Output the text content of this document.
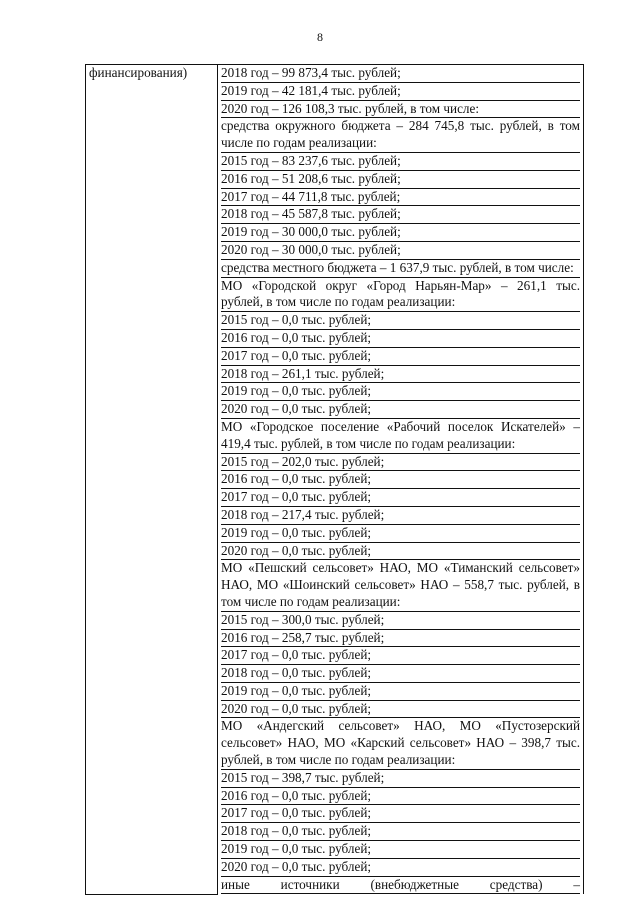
8
финансирования)	2018 год – 99 873,4 тыс. рублей;
2019 год – 42 181,4 тыс. рублей;
2020 год – 126 108,3 тыс. рублей, в том числе:
средства окружного бюджета – 284 745,8 тыс. рублей, в том числе по годам реализации:
2015 год – 83 237,6 тыс. рублей;
2016 год – 51 208,6 тыс. рублей;
2017 год – 44 711,8 тыс. рублей;
2018 год – 45 587,8 тыс. рублей;
2019 год – 30 000,0 тыс. рублей;
2020 год – 30 000,0 тыс. рублей;
средства местного бюджета – 1 637,9 тыс. рублей, в том числе:
МО «Городской округ «Город Нарьян-Мар» – 261,1 тыс. рублей, в том числе по годам реализации:
2015 год – 0,0 тыс. рублей;
2016 год – 0,0 тыс. рублей;
2017 год – 0,0 тыс. рублей;
2018 год – 261,1 тыс. рублей;
2019 год – 0,0 тыс. рублей;
2020 год – 0,0 тыс. рублей;
МО «Городское поселение «Рабочий поселок Искателей» – 419,4 тыс. рублей, в том числе по годам реализации:
2015 год – 202,0 тыс. рублей;
2016 год – 0,0 тыс. рублей;
2017 год – 0,0 тыс. рублей;
2018 год – 217,4 тыс. рублей;
2019 год – 0,0 тыс. рублей;
2020 год – 0,0 тыс. рублей;
МО «Пешский сельсовет» НАО, МО «Тиманский сельсовет» НАО, МО «Шоинский сельсовет» НАО – 558,7 тыс. рублей, в том числе по годам реализации:
2015 год – 300,0 тыс. рублей;
2016 год – 258,7 тыс. рублей;
2017 год – 0,0 тыс. рублей;
2018 год – 0,0 тыс. рублей;
2019 год – 0,0 тыс. рублей;
2020 год – 0,0 тыс. рублей;
МО «Андегский сельсовет» НАО, МО «Пустозерский сельсовет» НАО, МО «Карский сельсовет» НАО – 398,7 тыс. рублей, в том числе по годам реализации:
2015 год – 398,7 тыс. рублей;
2016 год – 0,0 тыс. рублей;
2017 год – 0,0 тыс. рублей;
2018 год – 0,0 тыс. рублей;
2019 год – 0,0 тыс. рублей;
2020 год – 0,0 тыс. рублей;
иные источники (внебюджетные средства) –
